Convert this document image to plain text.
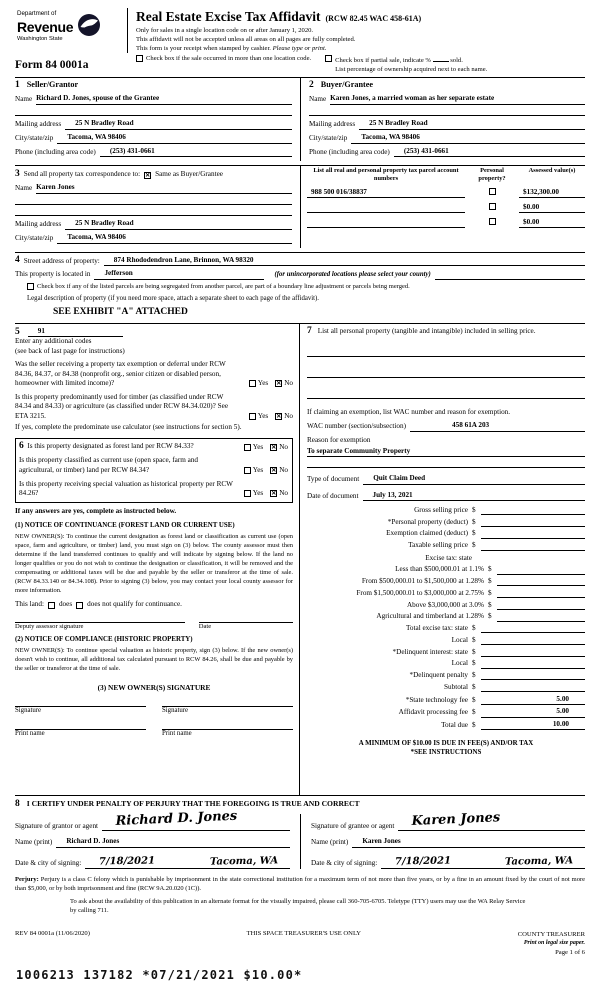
Department of
Revenue
Washington State
Real Estate Excise Tax Affidavit (RCW 82.45 WAC 458-61A)
Only for sales in a single location code on or after January 1, 2020.
This affidavit will not be accepted unless all areas on all pages are fully completed.
This form is your receipt when stamped by cashier. Please type or print.
Form 84 0001a
Check box if the sale occurred in more than one location code.	Check box if partial sale, indicate %	sold.
List percentage of ownership acquired next to each name.
1 Seller/Grantor
Name Richard D. Jones, spouse of the Grantee
Mailing address	25 N Bradley Road
City/state/zip	Tacoma, WA 98406
Phone (including area code)	(253) 431-0661
2 Buyer/Grantee
Name Karen Jones, a married woman as her separate estate
Mailing address	25 N Bradley Road
City/state/zip	Tacoma, WA 98406
Phone (including area code)	(253) 431-0661
3 Send all property tax correspondence to: ✕ Same as Buyer/Grantee
Name Karen Jones
Mailing address	25 N Bradley Road
City/state/zip	Tacoma, WA 98406
List all real and personal property tax parcel account numbers
Personal property?
Assessed value(s)
988 500 016/38837	$132,300.00
$0.00
$0.00
4 Street address of property:	874 Rhododendron Lane, Brinnon, WA 98320
This property is located in	Jefferson	(for unincorporated locations please select your county)
Check box if any of the listed parcels are being segregated from another parcel, are part of a boundary line adjustment or parcels being merged.
Legal description of property (if you need more space, attach a separate sheet to each page of the affidavit).
SEE EXHIBIT "A" ATTACHED
5	91
Enter any additional codes
(see back of last page for instructions)
Was the seller receiving a property tax exemption or deferral under RCW 84.36, 84.37, or 84.38 (nonprofit org., senior citizen or disabled person, homeowner with limited income)?	Yes ✕ No
Is this property predominantly used for timber (as classified under RCW 84.34 and 84.33) or agriculture (as classified under RCW 84.34.020)? See ETA 3215.	Yes ✕ No
If yes, complete the predominate use calculator (see instructions for section 5).
6 Is this property designated as forest land per RCW 84.33?	Yes ✕ No
Is this property classified as current use (open space, farm and agricultural, or timber) land per RCW 84.34?	Yes ✕ No
Is this property receiving special valuation as historical property per RCW 84.26?	Yes ✕ No
If any answers are yes, complete as instructed below.
(1) NOTICE OF CONTINUANCE (FOREST LAND OR CURRENT USE)
NEW OWNER(S): To continue the current designation as forest land or classification as current use (open space, farm and agriculture, or timber) land, you must sign on (3) below. The county assessor must then determine if the land transferred continues to qualify and will indicate by signing below. If the land no longer qualifies or you do not wish to continue the designation or classification, it will be removed and the compensating or additional taxes will be due and payable by the seller or transferor at the time of sale. (RCW 84.33.140 or 84.34.108). Prior to signing (3) below, you may contact your local county assessor for more information.
This land: does does not qualify for continuance.
Deputy assessor signature	Date
(2) NOTICE OF COMPLIANCE (HISTORIC PROPERTY)
NEW OWNER(S): To continue special valuation as historic property, sign (3) below. If the new owner(s) doesn't wish to continue, all additional tax calculated pursuant to RCW 84.26, shall be due and payable by the seller or transferor at the time of sale.
(3) NEW OWNER(S) SIGNATURE
Signature	Signature
Print name	Print name
7 List all personal property (tangible and intangible) included in selling price.
If claiming an exemption, list WAC number and reason for exemption.
WAC number (section/subsection)	458 61A 203
Reason for exemption
To separate Community Property
Type of document	Quit Claim Deed
Date of document	July 13, 2021
Gross selling price $
*Personal property (deduct) $
Exemption claimed (deduct) $
Taxable selling price $
Excise tax: state
Less than $500,000.01 at 1.1% $
From $500,000.01 to $1,500,000 at 1.28% $
From $1,500,000.01 to $3,000,000 at 2.75% $
Above $3,000,000 at 3.0% $
Agricultural and timberland at 1.28% $
Total excise tax: state $
Local $
*Delinquent interest: state $
Local $
*Delinquent penalty $
Subtotal $
*State technology fee $	5.00
Affidavit processing fee $	5.00
Total due $	10.00
A MINIMUM OF $10.00 IS DUE IN FEE(S) AND/OR TAX
*SEE INSTRUCTIONS
8 I CERTIFY UNDER PENALTY OF PERJURY THAT THE FOREGOING IS TRUE AND CORRECT
Signature of grantor or agent Richard D. Jones
Name (print)	Richard D. Jones
Date & city of signing: 7/18/2021	Tacoma, WA
Signature of grantee or agent Karen Jones
Name (print)	Karen Jones
Date & city of signing: 7/18/2021	Tacoma, WA
Perjury: Perjury is a class C felony which is punishable by imprisonment in the state correctional institution for a maximum term of not more than five years, or by a fine in an amount fixed by the court of not more than $5,000, or by both imprisonment and fine (RCW 9A.20.020 (1C)).
To ask about the availability of this publication in an alternate format for the visually impaired, please call 360-705-6705. Teletype (TTY) users may use the WA Relay Service by calling 711.
REV 84 0001a (11/06/2020)	THIS SPACE TREASURER'S USE ONLY	COUNTY TREASURER
Print on legal size paper.
Page 1 of 6
1006213 137182 *07/21/2021 $10.00*
